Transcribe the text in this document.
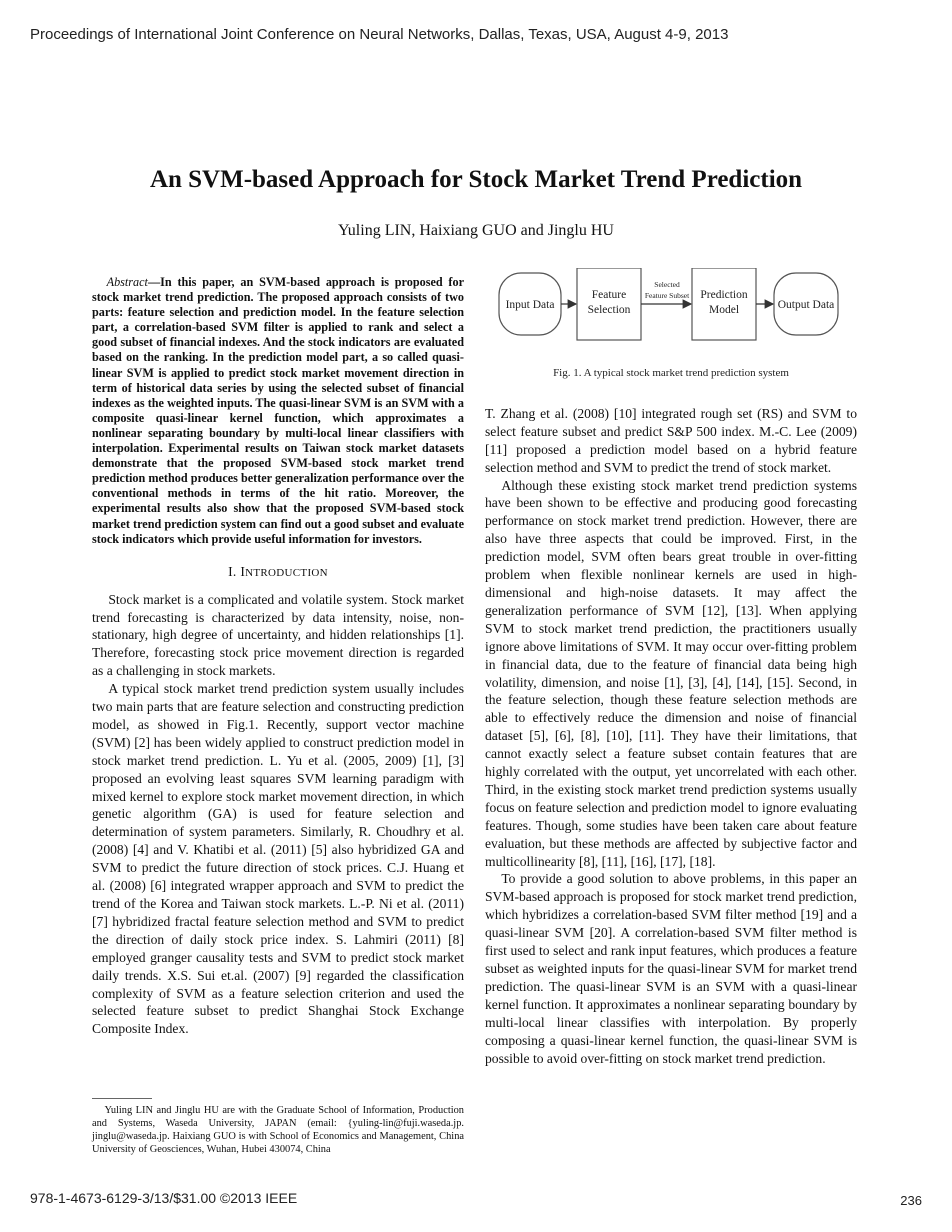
Proceedings of International Joint Conference on Neural Networks, Dallas, Texas, USA, August 4-9, 2013
An SVM-based Approach for Stock Market Trend Prediction
Yuling LIN, Haixiang GUO and Jinglu HU

Abstract—In this paper, an SVM-based approach is proposed for stock market trend prediction. The proposed approach consists of two parts: feature selection and prediction model. In the feature selection part, a correlation-based SVM filter is applied to rank and select a good subset of financial indexes. And the stock indicators are evaluated based on the ranking. In the prediction model part, a so called quasi-linear SVM is applied to predict stock market movement direction in term of historical data series by using the selected subset of financial indexes as the weighted inputs. The quasi-linear SVM is an SVM with a composite quasi-linear kernel function, which approximates a nonlinear separating boundary by multi-local linear classifiers with interpolation. Experimental results on Taiwan stock market datasets demonstrate that the proposed SVM-based stock market trend prediction method produces better generalization performance over the conventional methods in terms of the hit ratio. Moreover, the experimental results also show that the proposed SVM-based stock market trend prediction system can find out a good subset and evaluate stock indicators which provide useful information for investors.

I. INTRODUCTION

Stock market is a complicated and volatile system. Stock market trend forecasting is characterized by data intensity, noise, non-stationary, high degree of uncertainty, and hidden relationships [1]. Therefore, forecasting stock price movement direction is regarded as a challenging in stock markets.

A typical stock market trend prediction system usually includes two main parts that are feature selection and constructing prediction model, as showed in Fig.1. Recently, support vector machine (SVM) [2] has been widely applied to construct prediction model in stock market trend prediction. L. Yu et al. (2005, 2009) [1], [3] proposed an evolving least squares SVM learning paradigm with mixed kernel to explore stock market movement direction, in which genetic algorithm (GA) is used for feature selection and determination of system parameters. Similarly, R. Choudhry et al. (2008) [4] and V. Khatibi et al. (2011) [5] also hybridized GA and SVM to predict the future direction of stock prices. C.J. Huang et al. (2008) [6] integrated wrapper approach and SVM to predict the trend of the Korea and Taiwan stock markets. L.-P. Ni et al. (2011) [7] hybridized fractal feature selection method and SVM to predict the direction of daily stock price index. S. Lahmiri (2011) [8] employed granger causality tests and SVM to predict stock market daily trends. X.S. Sui et.al. (2007) [9] regarded the classification complexity of SVM as a feature selection criterion and used the selected feature subset to predict Shanghai Stock Exchange Composite Index.

Yuling LIN and Jinglu HU are with the Graduate School of Information, Production and Systems, Waseda University, JAPAN (email: {yuling-lin@fuji.waseda.jp. jinglu@waseda.jp. Haixiang GUO is with School of Economics and Management, China University of Geosciences, Wuhan, Hubei 430074, China

Input Data
Feature
Selection
Selected
Feature Subset Prediction
Model	Output Data
Fig. 1. A typical stock market trend prediction system

T. Zhang et al. (2008) [10] integrated rough set (RS) and SVM to select feature subset and predict S&P 500 index. M.-C. Lee (2009) [11] proposed a prediction model based on a hybrid feature selection method and SVM to predict the trend of stock market.

Although these existing stock market trend prediction systems have been shown to be effective and producing good forecasting performance on stock market trend prediction. However, there are also have three aspects that could be improved. First, in the prediction model, SVM often bears great trouble in over-fitting problem when flexible nonlinear kernels are used in high-dimensional and high-noise datasets. It may affect the generalization performance of SVM [12], [13]. When applying SVM to stock market trend prediction, the practitioners usually ignore above limitations of SVM. It may occur over-fitting problem in financial data, due to the feature of financial data being high volatility, dimension, and noise [1], [3], [4], [14], [15]. Second, in the feature selection, though these feature selection methods are able to effectively reduce the dimension and noise of financial dataset [5], [6], [8], [10], [11]. They have their limitations, that cannot exactly select a feature subset contain features that are highly correlated with the output, yet uncorrelated with each other. Third, in the existing stock market trend prediction systems usually focus on feature selection and prediction model to ignore evaluating features. Though, some studies have been taken care about feature evaluation, but these methods are affected by subjective factor and multicollinearity [8], [11], [16], [17], [18].

To provide a good solution to above problems, in this paper an SVM-based approach is proposed for stock market trend prediction, which hybridizes a correlation-based SVM filter method [19] and a quasi-linear SVM [20]. A correlation-based SVM filter method is first used to select and rank input features, which produces a feature subset as weighted inputs for the quasi-linear SVM for market trend prediction. The quasi-linear SVM is an SVM with a quasi-linear kernel function. It approximates a nonlinear separating boundary by multi-local linear classifies with interpolation. By properly composing a quasi-linear kernel function, the quasi-linear SVM is possible to avoid over-fitting on stock market trend prediction.

978-1-4673-6129-3/13/$31.00 ©2013 IEEE	236
